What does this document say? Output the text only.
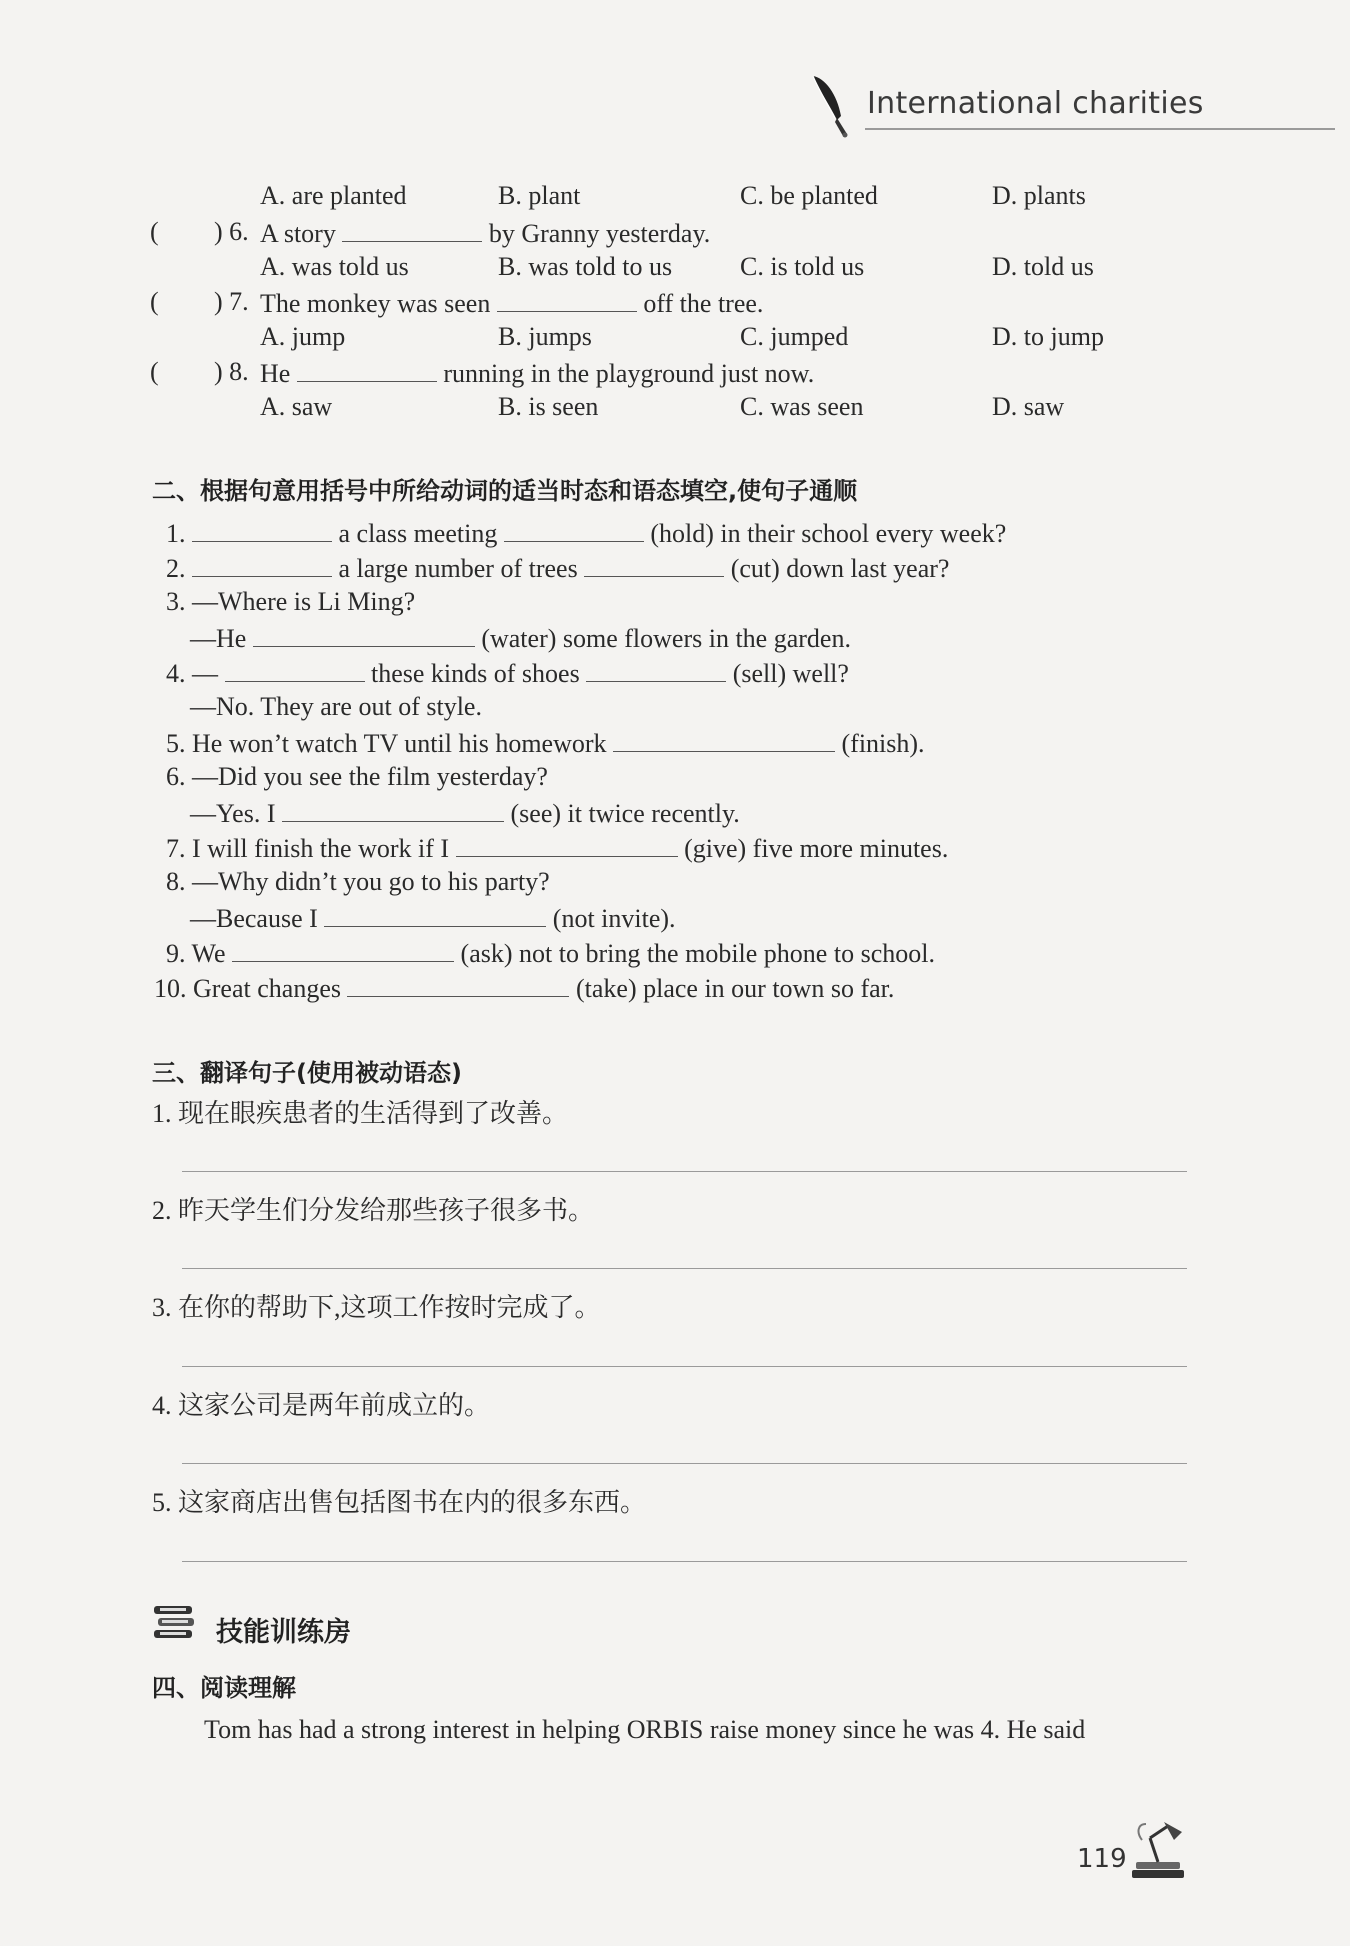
International charities
A. are planted	B. plant	C. be planted	D. plants
( ) 6. A story	by Granny yesterday.
A. was told us	B. was told to us	C. is told us	D. told us
( ) 7. The monkey was seen	off the tree.
A. jump	B. jumps	C. jumped	D. to jump
( ) 8. He	running in the playground just now.
A. saw	B. is seen	C. was seen	D. saw
二、根据句意用括号中所给动词的适当时态和语态填空,使句子通顺
1.	a class meeting	(hold) in their school every week?
2.	a large number of trees	(cut) down last year?
3. —Where is Li Ming?
—He	(water) some flowers in the garden.
4. —	these kinds of shoes	(sell) well?
—No. They are out of style.
5. He won’t watch TV until his homework	(finish).
6. —Did you see the film yesterday?
—Yes. I	(see) it twice recently.
7. I will finish the work if I	(give) five more minutes.
8. —Why didn’t you go to his party?
—Because I	(not invite).
9. We	(ask) not to bring the mobile phone to school.
10. Great changes	(take) place in our town so far.
三、翻译句子(使用被动语态)
1. 现在眼疾患者的生活得到了改善。
2. 昨天学生们分发给那些孩子很多书。
3. 在你的帮助下,这项工作按时完成了。
4. 这家公司是两年前成立的。
5. 这家商店出售包括图书在内的很多东西。
技能训练房
四、阅读理解
Tom has had a strong interest in helping ORBIS raise money since he was 4. He said
119
